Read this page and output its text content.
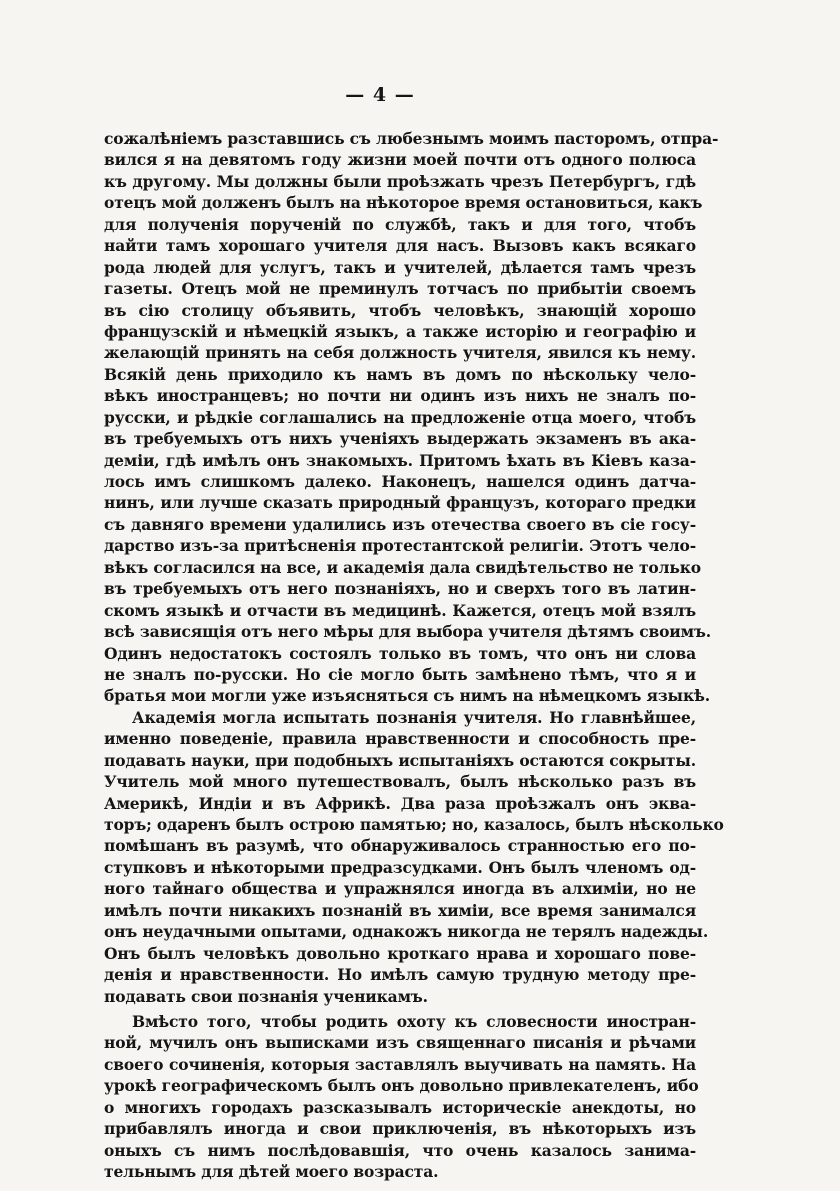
— 4 —
сожалѣніемъ разставшись съ любезнымъ моимъ пасторомъ, отпра-
вился я на девятомъ году жизни моей почти отъ одного полюса
къ другому. Мы должны были проѣзжать чрезъ Петербургъ, гдѣ
отецъ мой долженъ былъ на нѣкоторое время остановиться, какъ
для полученія порученій по службѣ, такъ и для того, чтобъ
найти тамъ хорошаго учителя для насъ. Вызовъ какъ всякаго
рода людей для услугъ, такъ и учителей, дѣлается тамъ чрезъ
газеты. Отецъ мой не преминулъ тотчасъ по прибытіи своемъ
въ сію столицу объявить, чтобъ человѣкъ, знающій хорошо
французскій и нѣмецкій языкъ, а также исторію и географію и
желающій принять на себя должность учителя, явился къ нему.
Всякій день приходило къ намъ въ домъ по нѣскольку чело-
вѣкъ иностранцевъ; но почти ни одинъ изъ нихъ не зналъ по-
русски, и рѣдкіе соглашались на предложеніе отца моего, чтобъ
въ требуемыхъ отъ нихъ ученіяхъ выдержать экзаменъ въ ака-
деміи, гдѣ имѣлъ онъ знакомыхъ. Притомъ ѣхать въ Кіевъ каза-
лось имъ слишкомъ далеко. Наконецъ, нашелся одинъ датча-
нинъ, или лучше сказать природный французъ, котораго предки
съ давняго времени удалились изъ отечества своего въ сіе госу-
дарство изъ-за притѣсненія протестантской религіи. Этотъ чело-
вѣкъ согласился на все, и академія дала свидѣтельство не только
въ требуемыхъ отъ него познаніяхъ, но и сверхъ того въ латин-
скомъ языкѣ и отчасти въ медицинѣ. Кажется, отецъ мой взялъ
всѣ зависящія отъ него мѣры для выбора учителя дѣтямъ своимъ.
Одинъ недостатокъ состоялъ только въ томъ, что онъ ни слова
не зналъ по-русски. Но сіе могло быть замѣнено тѣмъ, что я и
братья мои могли уже изъясняться съ нимъ на нѣмецкомъ языкѣ.
Академія могла испытать познанія учителя. Но главнѣйшее,
именно поведеніе, правила нравственности и способность пре-
подавать науки, при подобныхъ испытаніяхъ остаются сокрыты.
Учитель мой много путешествовалъ, былъ нѣсколько разъ въ
Америкѣ, Индіи и въ Африкѣ. Два раза проѣзжалъ онъ эква-
торъ; одаренъ былъ острою памятью; но, казалось, былъ нѣсколько
помѣшанъ въ разумѣ, что обнаруживалось странностью его по-
ступковъ и нѣкоторыми предразсудками. Онъ былъ членомъ од-
ного тайнаго общества и упражнялся иногда въ алхиміи, но не
имѣлъ почти никакихъ познаній въ химіи, все время занимался
онъ неудачными опытами, однакожъ никогда не терялъ надежды.
Онъ былъ человѣкъ довольно кроткаго нрава и хорошаго пове-
денія и нравственности. Но имѣлъ самую трудную методу пре-
подавать свои познанія ученикамъ.
Вмѣсто того, чтобы родить охоту къ словесности иностран-
ной, мучилъ онъ выписками изъ священнаго писанія и рѣчами
своего сочиненія, которыя заставлялъ выучивать на память. На
урокѣ географическомъ былъ онъ довольно привлекателенъ, ибо
о многихъ городахъ разсказывалъ историческіе анекдоты, но
прибавлялъ иногда и свои приключенія, въ нѣкоторыхъ изъ
оныхъ съ нимъ послѣдовавшія, что очень казалось занима-
тельнымъ для дѣтей моего возраста.
